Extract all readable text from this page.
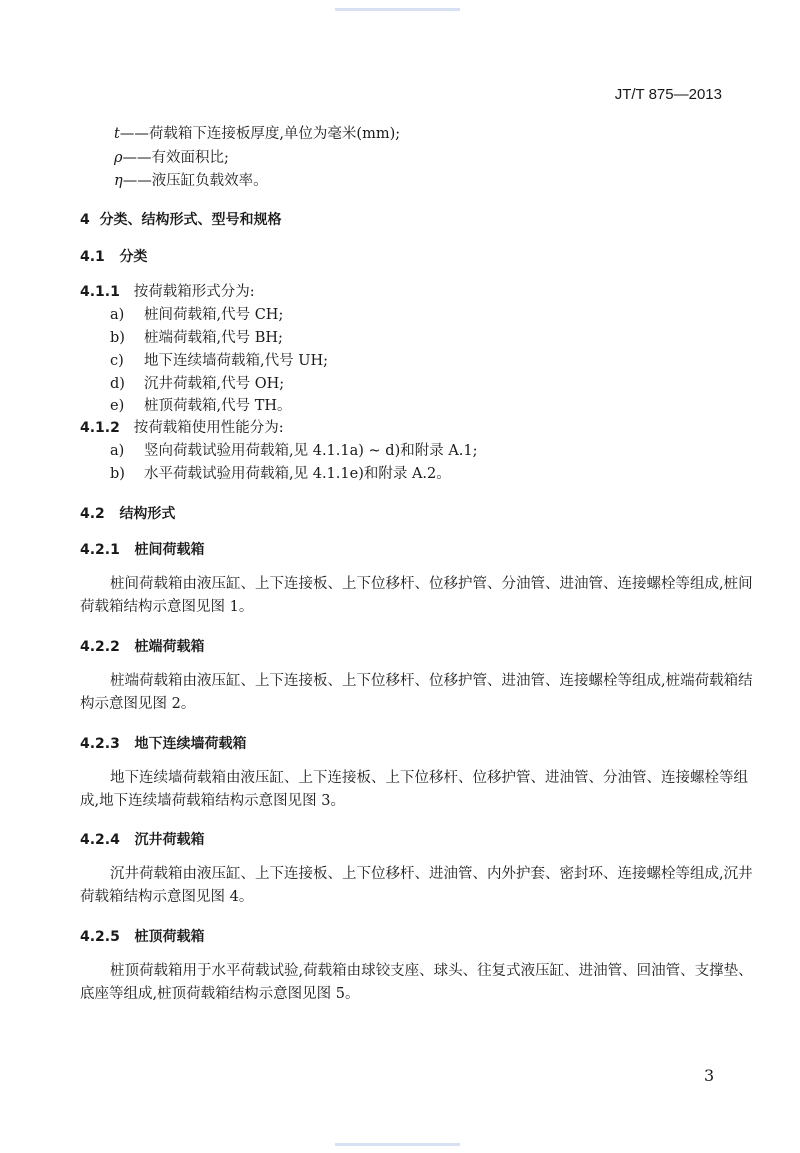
JT/T 875—2013
t——荷载箱下连接板厚度,单位为毫米(mm);
ρ——有效面积比;
η——液压缸负载效率。
4 分类、结构形式、型号和规格
4.1 分类
4.1.1 按荷载箱形式分为:
a) 桩间荷载箱,代号 CH;
b) 桩端荷载箱,代号 BH;
c) 地下连续墙荷载箱,代号 UH;
d) 沉井荷载箱,代号 OH;
e) 桩顶荷载箱,代号 TH。
4.1.2 按荷载箱使用性能分为:
a) 竖向荷载试验用荷载箱,见 4.1.1a) ~ d)和附录 A.1;
b) 水平荷载试验用荷载箱,见 4.1.1e)和附录 A.2。
4.2 结构形式
3
4.2.1 桩间荷载箱
桩间荷载箱由液压缸、上下连接板、上下位移杆、位移护管、分油管、进油管、连接螺栓等组成,桩间
荷载箱结构示意图见图 1。
4.2.2 桩端荷载箱
桩端荷载箱由液压缸、上下连接板、上下位移杆、位移护管、进油管、连接螺栓等组成,桩端荷载箱结
构示意图见图 2。
4.2.3 地下连续墙荷载箱
地下连续墙荷载箱由液压缸、上下连接板、上下位移杆、位移护管、进油管、分油管、连接螺栓等组
成,地下连续墙荷载箱结构示意图见图 3。
4.2.4 沉井荷载箱
沉井荷载箱由液压缸、上下连接板、上下位移杆、进油管、内外护套、密封环、连接螺栓等组成,沉井
荷载箱结构示意图见图 4。
4.2.5 桩顶荷载箱
桩顶荷载箱用于水平荷载试验,荷载箱由球铰支座、球头、往复式液压缸、进油管、回油管、支撑垫、
底座等组成,桩顶荷载箱结构示意图见图 5。
